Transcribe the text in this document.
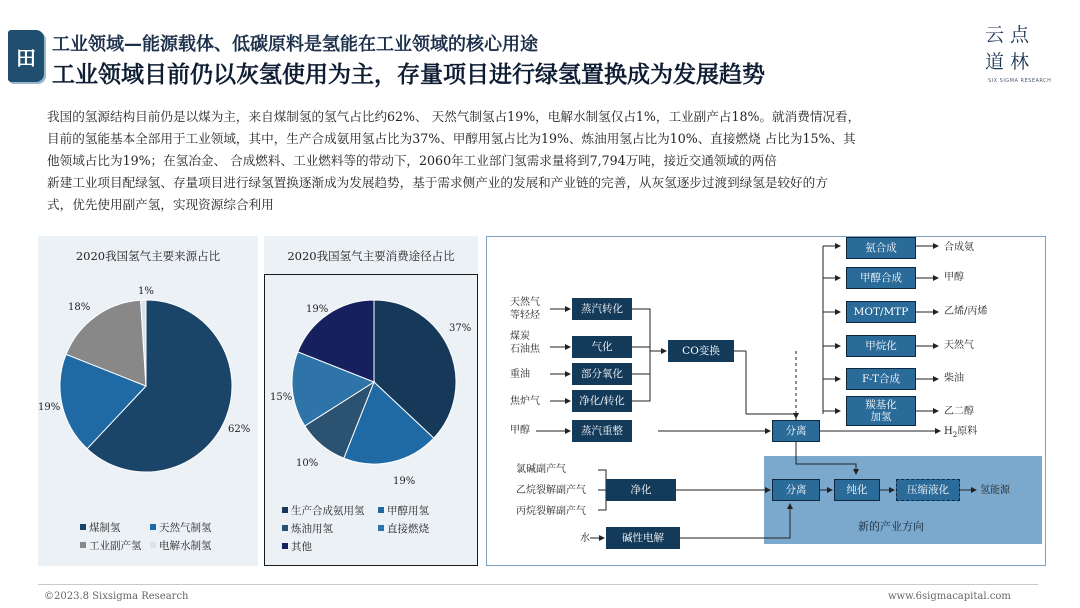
田
工业领域—能源载体、低碳原料是氢能在工业领域的核心用途
工业领域目前仍以灰氢使用为主，存量项目进行绿氢置换成为发展趋势
云点
道林
SIX SIGMA RESEARCH

我国的氢源结构目前仍是以煤为主，来自煤制氢的氢气占比约62%、 天然气制氢占19%，电解水制氢仅占1%，工业副产占18%。就消费情况看，

目前的氢能基本全部用于工业领域，其中，生产合成氨用氢占比为37%、甲醇用氢占比为19%、炼油用氢占比为10%、直接燃烧 占比为15%、其

他领域占比为19%；在氢冶金、 合成燃料、工业燃料等的带动下，2060年工业部门氢需求量将到7,794万吨，接近交通领域的两倍

新建工业项目配绿氢、存量项目进行绿氢置换逐渐成为发展趋势，基于需求侧产业的发展和产业链的完善，从灰氢逐步过渡到绿氢是较好的方

式，优先使用副产氢，实现资源综合利用

2020我国氢气主要来源占比
1%
18%
19%
62%
煤制氢	天然气制氢
工业副产氢	电解水制氢
2020我国氢气主要消费途径占比
37%
19%
10%
15%
19%
生产合成氨用氢	甲醇用氢
炼油用氢	直接燃烧
其他
天然气
等轻烃
煤炭
石油焦
重油
焦炉气
甲醇
氯碱副产气
乙烷裂解副产气
丙烷裂解副产气
水
蒸汽转化
气化
部分氧化
净化/转化
蒸汽重整
CO变换
分离
净化
碱性电解
分离	纯化	压缩液化
氨合成
甲醇合成
MOT/MTP
甲烷化
F-T合成
羰基化
加氢
合成氨
甲醇
乙烯/丙烯
天然气
柴油
乙二醇
$H_2$原料
氢能源
新的产业方向
©2023.8 Sixsigma Research	www.6sigmacapital.com
